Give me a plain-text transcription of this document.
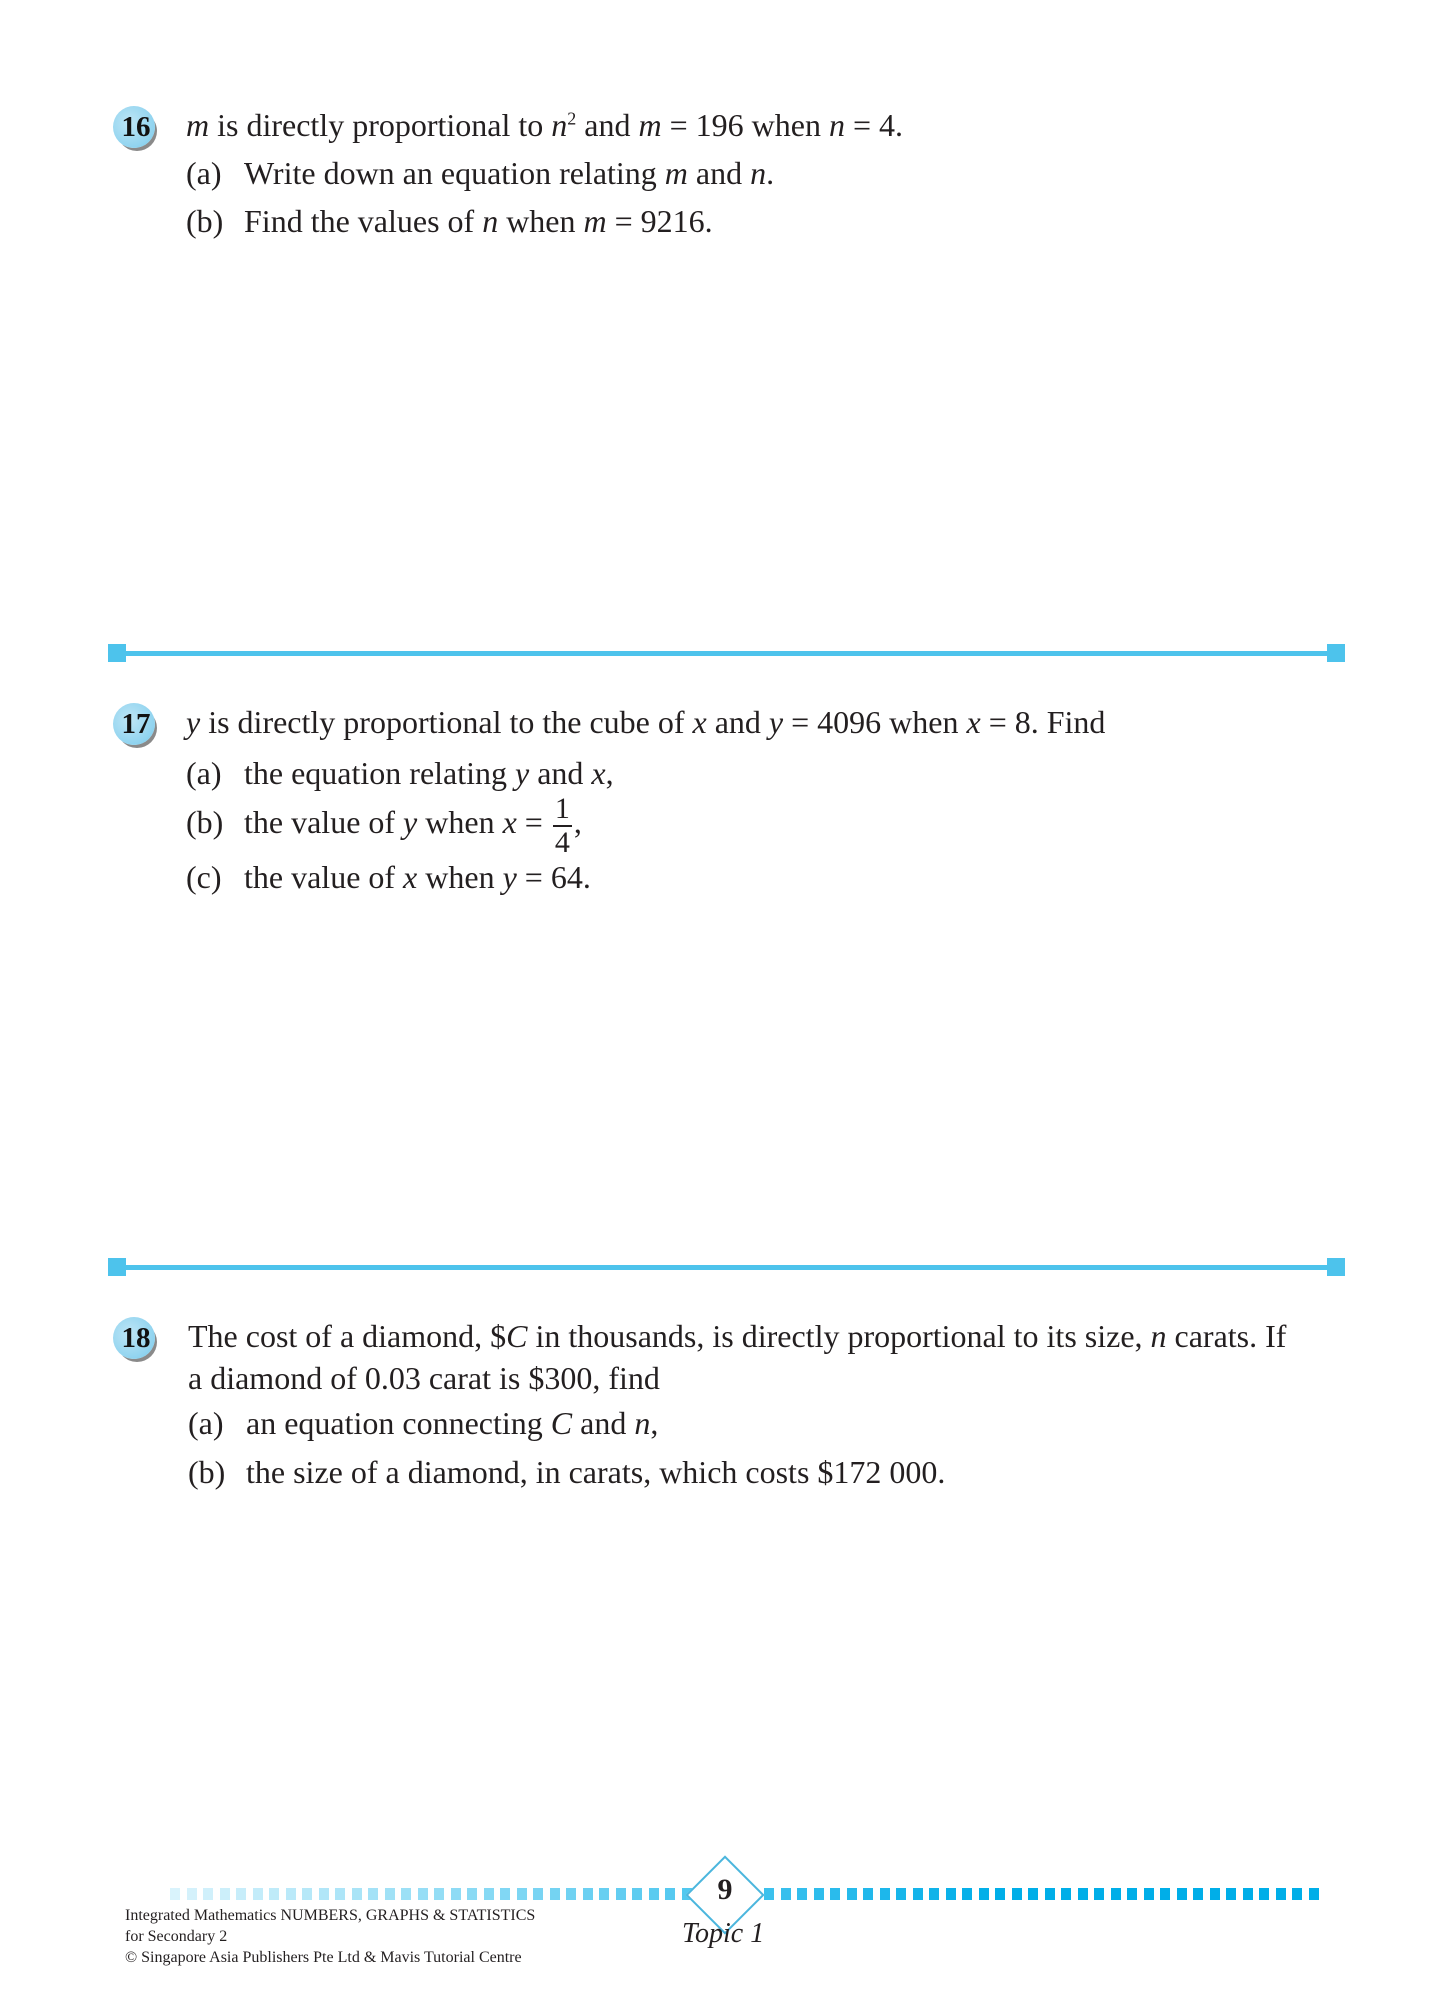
16 m is directly proportional to $n^2$ and m = 196 when n = 4.
(a) Write down an equation relating m and n.
(b) Find the values of n when m = 9216.
17 y is directly proportional to the cube of x and y = 4096 when x = 8. Find
(a) the equation relating y and x,
(b) the value of y when $x = \frac{1}{4}$ ,
(c) the value of x when y = 64.
18 The cost of a diamond, $C in thousands, is directly proportional to its size, n carats. If
a diamond of 0.03 carat is $300, find
(a) an equation connecting C and n,
(b) the size of a diamond, in carats, which costs $172 000.
9
Topic 1
Integrated Mathematics NUMBERS, GRAPHS & STATISTICS
for Secondary 2
© Singapore Asia Publishers Pte Ltd & Mavis Tutorial Centre
